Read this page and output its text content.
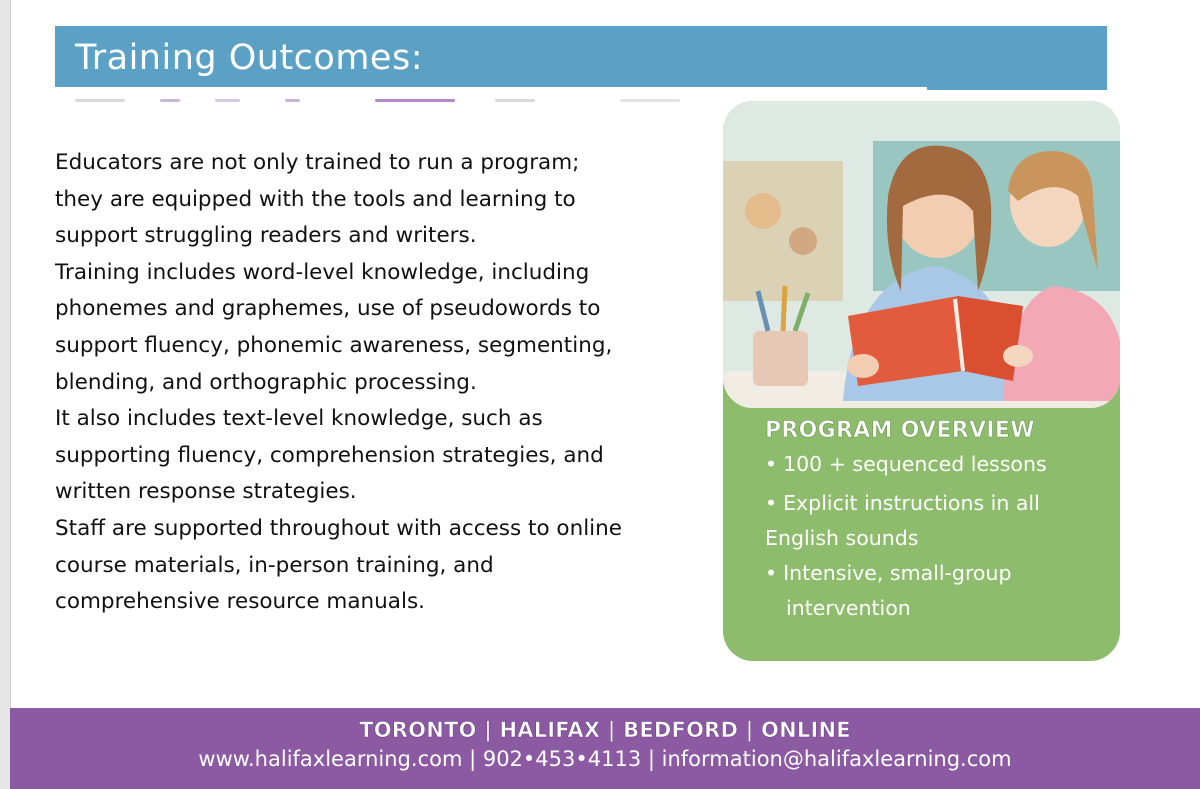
Training Outcomes:

Educators are not only trained to run a program;

they are equipped with the tools and learning to

support struggling readers and writers.

Training includes word-level knowledge, including

phonemes and graphemes, use of pseudowords to

support fluency, phonemic awareness, segmenting,

blending, and orthographic processing.

It also includes text-level knowledge, such as

supporting fluency, comprehension strategies, and

written response strategies.

Staff are supported throughout with access to online

course materials, in-person training, and

comprehensive resource manuals.

PROGRAM OVERVIEW
• 100 + sequenced lessons
• Explicit instructions in all
English sounds
• Intensive, small-group
intervention
TORONTO | HALIFAX | BEDFORD | ONLINE
www.halifaxlearning.com | 902•453•4113 | information@halifaxlearning.com
